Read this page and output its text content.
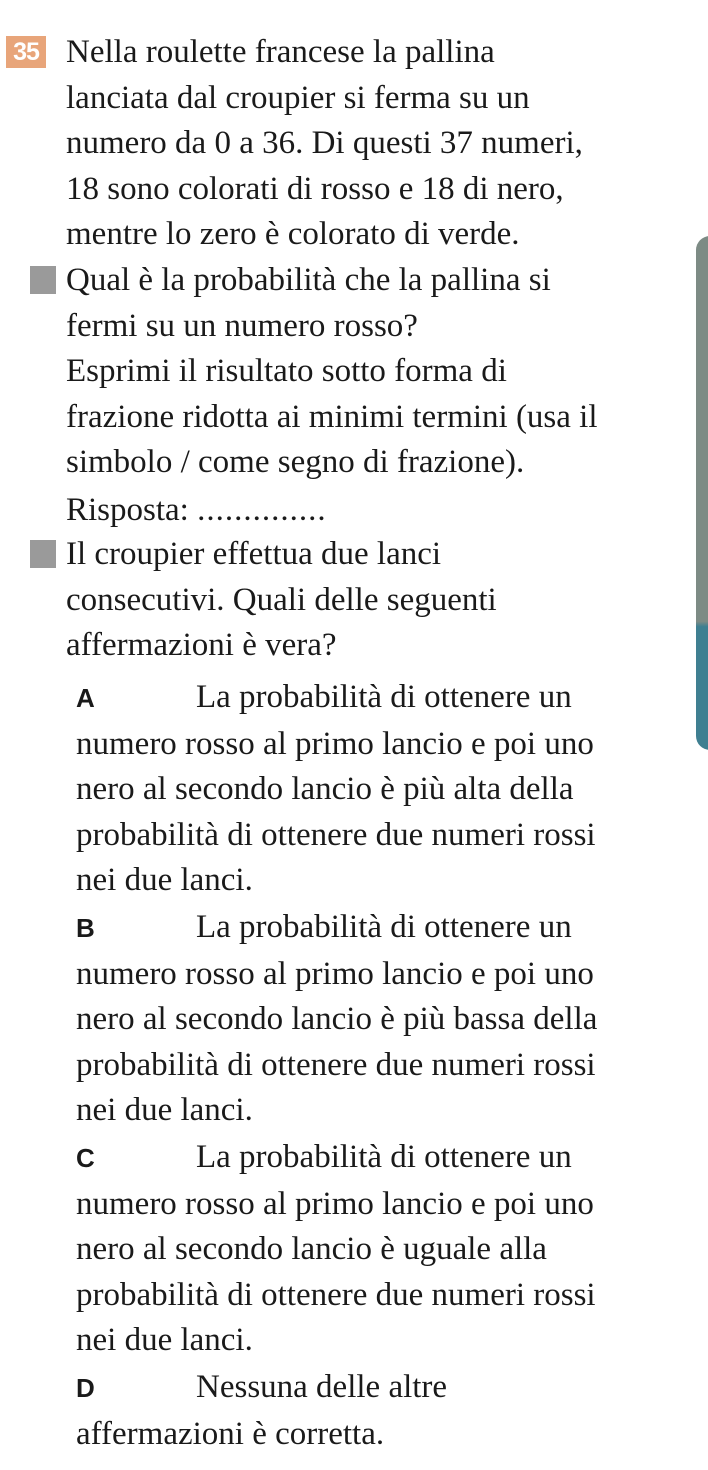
35 Nella roulette francese la pallina
lanciata dal croupier si ferma su un
numero da 0 a 36. Di questi 37 numeri,
18 sono colorati di rosso e 18 di nero,
mentre lo zero è colorato di verde.
Qual è la probabilità che la pallina si
fermi su un numero rosso?
Esprimi il risultato sotto forma di
frazione ridotta ai minimi termini (usa il
simbolo / come segno di frazione).
Risposta: ..............
Il croupier effettua due lanci
consecutivi. Quali delle seguenti
affermazioni è vera?
A	La probabilità di ottenere un
numero rosso al primo lancio e poi uno
nero al secondo lancio è più alta della
probabilità di ottenere due numeri rossi
nei due lanci.
B	La probabilità di ottenere un
numero rosso al primo lancio e poi uno
nero al secondo lancio è più bassa della
probabilità di ottenere due numeri rossi
nei due lanci.
C	La probabilità di ottenere un
numero rosso al primo lancio e poi uno
nero al secondo lancio è uguale alla
probabilità di ottenere due numeri rossi
nei due lanci.
D	Nessuna delle altre
affermazioni è corretta.
